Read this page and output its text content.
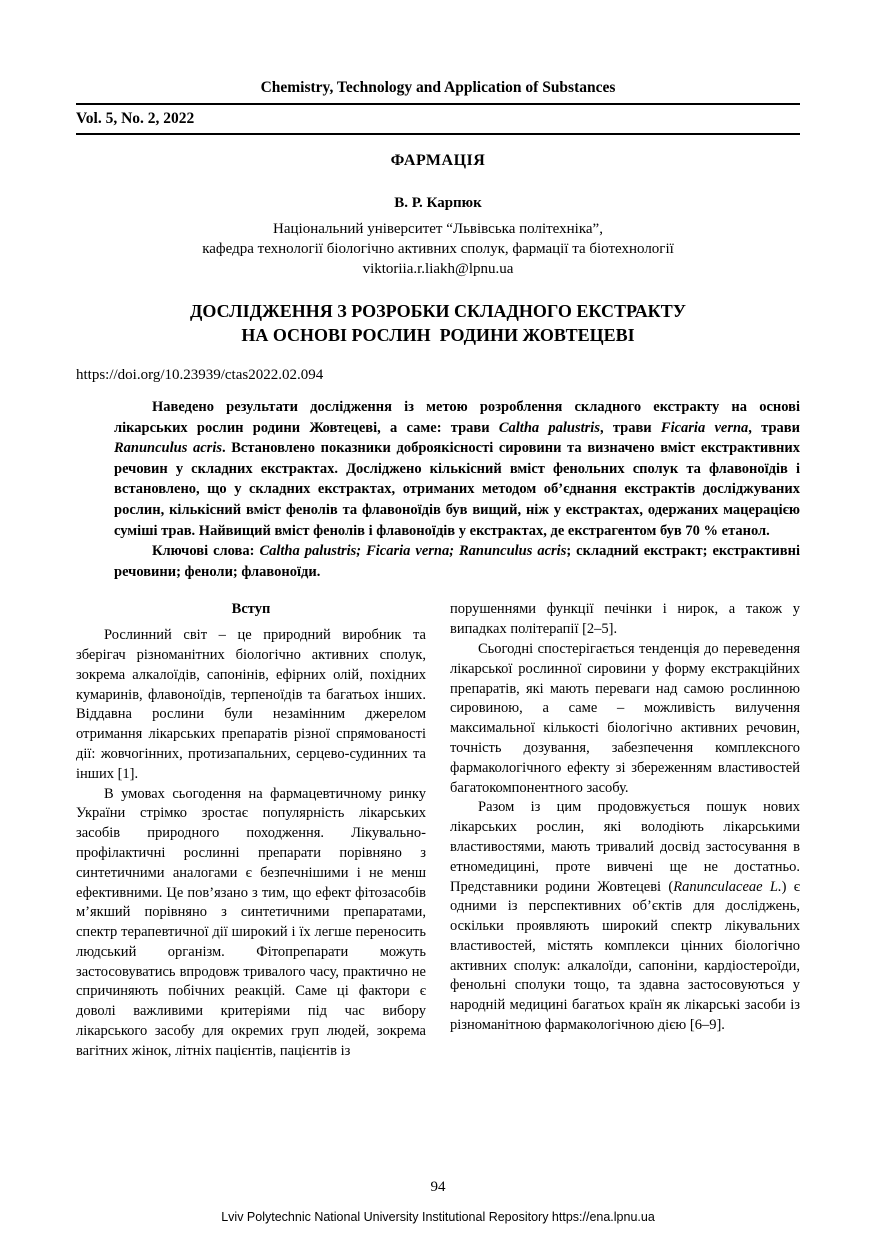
Chemistry, Technology and Application of Substances
Vol. 5, No. 2, 2022
ФАРМАЦІЯ
В. Р. Карпюк
Національний університет “Львівська політехніка”,
кафедра технології біологічно активних сполук, фармації та біотехнології
viktoriia.r.liakh@lpnu.ua
ДОСЛІДЖЕННЯ З РОЗРОБКИ СКЛАДНОГО ЕКСТРАКТУ
НА ОСНОВІ РОСЛИН  РОДИНИ ЖОВТЕЦЕВІ
https://doi.org/10.23939/ctas2022.02.094

Наведено результати дослідження із метою розроблення складного екстракту на основі лікарських рослин родини Жовтецеві, а саме: трави Caltha palustris, трави Ficaria verna, трави Ranunculus acris. Встановлено показники доброякісності сировини та визначено вміст екстрактивних речовин у складних екстрактах. Досліджено кількісний вміст фенольних сполук та флавоноїдів і встановлено, що у складних екстрактах, отриманих методом об’єднання екстрактів досліджуваних рослин, кількісний вміст фенолів та флавоноїдів був вищий, ніж у екстрактах, одержаних мацерацією суміші трав. Найвищий вміст фенолів і флавоноїдів у екстрактах, де екстрагентом був 70 % етанол.

Ключові слова: Caltha palustris; Ficaria verna; Ranunculus acris; складний екстракт; екстрактивні речовини; феноли; флавоноїди.

Вступ

Рослинний світ – це природний виробник та зберігач різноманітних біологічно активних сполук, зокрема алкалоїдів, сапонінів, ефірних олій, похідних кумаринів, флавоноїдів, терпеноїдів та багатьох інших. Віддавна рослини були незамінним джерелом отримання лікарських препаратів різної спрямованості дії: жовчогінних, протизапальних, серцево-судинних та інших [1].

В умовах сьогодення на фармацевтичному ринку України стрімко зростає популярність лікарських засобів природного походження. Лікувально-профілактичні рослинні препарати порівняно з синтетичними аналогами є безпечнішими і не менш ефективними. Це пов’язано з тим, що ефект фітозасобів м’якший порівняно з синтетичними препаратами, спектр терапевтичної дії широкий і їх легше переносить людський організм. Фітопрепарати можуть застосовуватись впродовж тривалого часу, практично не спричиняють побічних реакцій. Саме ці фактори є доволі важливими критеріями під час вибору лікарського засобу для окремих груп людей, зокрема вагітних жінок, літніх пацієнтів, пацієнтів із

порушеннями функції печінки і нирок, а також у випадках політерапії [2–5].

Сьогодні спостерігається тенденція до переведення лікарської рослинної сировини у форму екстракційних препаратів, які мають переваги над самою рослинною сировиною, а саме – можливість вилучення максимальної кількості біологічно активних речовин, точність дозування, забезпечення комплексного фармакологічного ефекту зі збереженням властивостей багатокомпонентного засобу.

Разом із цим продовжується пошук нових лікарських рослин, які володіють лікарськими властивостями, мають тривалий досвід застосування в етномедицині, проте вивчені ще не достатньо. Представники родини Жовтецеві (Ranunculaceae L.) є одними із перспективних об’єктів для досліджень, оскільки проявляють широкий спектр лікувальних властивостей, містять комплекси цінних біологічно активних сполук: алкалоїди, сапоніни, кардіостероїди, фенольні сполуки тощо, та здавна застосовуються у народній медицині багатьох країн як лікарські засоби із різноманітною фармакологічною дією [6–9].

94
Lviv Polytechnic National University Institutional Repository https://ena.lpnu.ua
